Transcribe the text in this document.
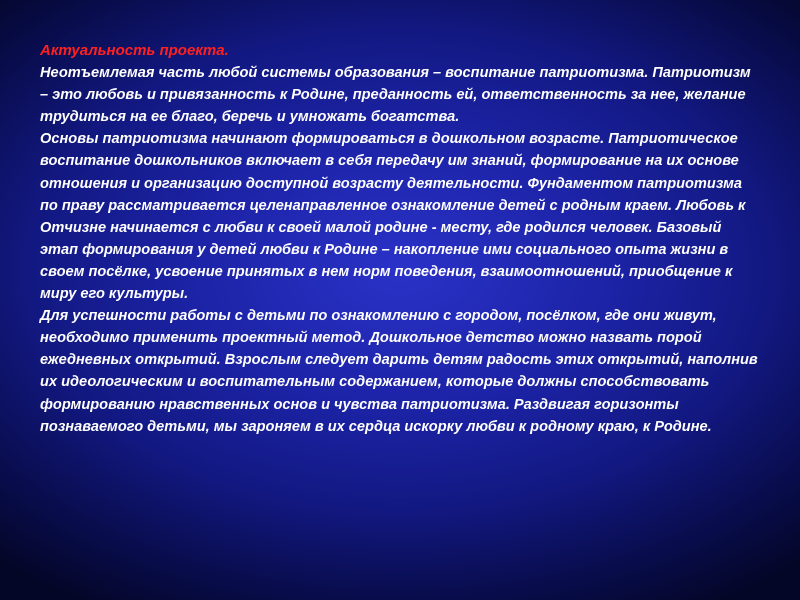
Актуальность проекта.

Неотъемлемая часть любой системы образования – воспитание патриотизма. Патриотизм – это любовь и привязанность к Родине, преданность ей, ответственность за нее, желание трудиться на ее благо, беречь и умножать богатства.

Основы патриотизма начинают формироваться в дошкольном возрасте. Патриотическое воспитание дошкольников включает в себя передачу им знаний, формирование на их основе отношения и организацию доступной возрасту деятельности. Фундаментом патриотизма по праву рассматривается целенаправленное ознакомление детей с родным краем. Любовь к Отчизне начинается с любви к своей малой родине - месту, где родился человек. Базовый этап формирования у детей любви к Родине – накопление ими социального опыта жизни в своем посёлке, усвоение принятых в нем норм поведения, взаимоотношений, приобщение к миру его культуры.

Для успешности работы с детьми по ознакомлению с городом, посёлком, где они живут, необходимо применить проектный метод. Дошкольное детство можно назвать порой ежедневных открытий. Взрослым следует дарить детям радость этих открытий, наполнив их идеологическим и воспитательным содержанием, которые должны способствовать формированию нравственных основ и чувства патриотизма. Раздвигая горизонты познаваемого детьми, мы зароняем в их сердца искорку любви к родному краю, к Родине.
